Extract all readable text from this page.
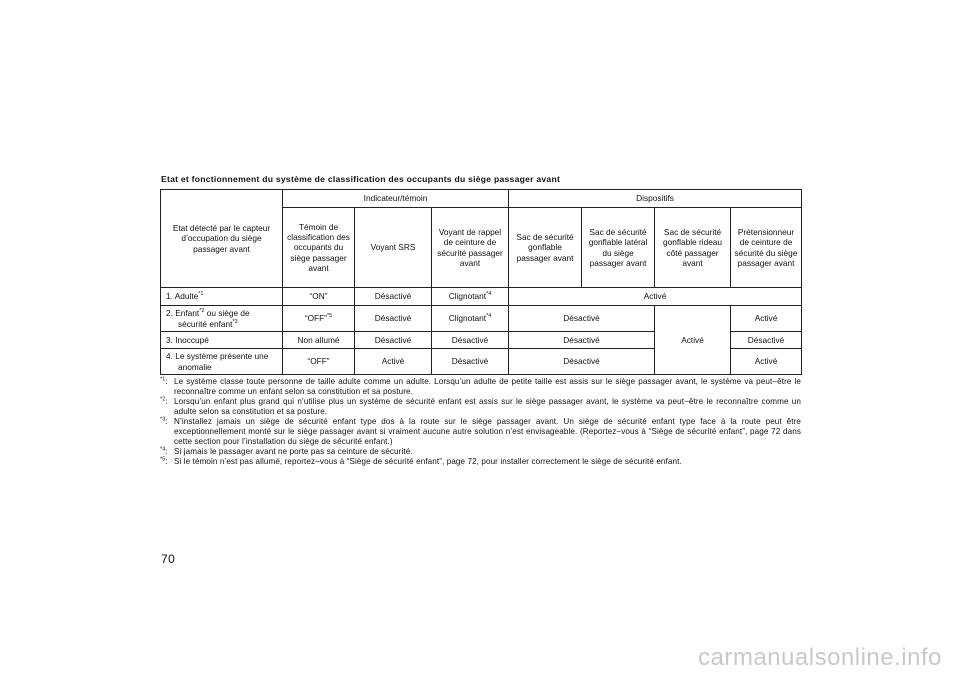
Etat et fonctionnement du système de classification des occupants du siège passager avant
Etat détecté par le capteur d’occupation du siège passager avant	Indicateur/témoin			Dispositifs			
	Témoin de classification des occupants du siège passager avant	Voyant SRS	Voyant de rappel de ceinture de sécurité passager avant	Sac de sécurité gonflable passager avant	Sac de sécurité gonflable latéral du siège passager avant	Sac de sécurité gonflable rideau côté passager avant	Prétensionneur de ceinture de sécurité du siège passager avant
1. Adulte$^{*1}$	“ON”	Désactivé	Clignotant$^{*4}$	Activé			

2. Enfant$^{*2}$ ou siège de sécurité enfant$^{*3}$	“OFF”$^{*5}$	Désactivé	Clignotant$^{*4}$	Désactivé		Activé	Activé
3. Inoccupé	Non allumé	Désactivé	Désactivé	Désactivé			Désactivé

4. Le système présente une anomalie	“OFF”	Activé	Désactivé	Désactivé			Activé
$^{*1}$: Le système classe toute personne de taille adulte comme un adulte. Lorsqu’un adulte de petite taille est assis sur le siège passager avant, le système va peut−être le reconnaître comme un enfant selon sa constitution et sa posture.
$^{*2}$: Lorsqu’un enfant plus grand qui n’utilise plus un système de sécurité enfant est assis sur le siège passager avant, le système va peut−être le reconnaître comme un adulte selon sa constitution et sa posture.
$^{*3}$: N’installez jamais un siège de sécurité enfant type dos à la route sur le siège passager avant. Un siège de sécurité enfant type face à la route peut être exceptionnellement monté sur le siège passager avant si vraiment aucune autre solution n’est envisageable. (Reportez−vous à “Siège de sécurité enfant”, page 72 dans cette section pour l’installation du siège de sécurité enfant.)
$^{*4}$: Si jamais le passager avant ne porte pas sa ceinture de sécurité.
$^{*5}$: Si le témoin n’est pas allumé, reportez−vous à “Siège de sécurité enfant”, page 72, pour installer correctement le siège de sécurité enfant.
70
carmanualsonline.info
